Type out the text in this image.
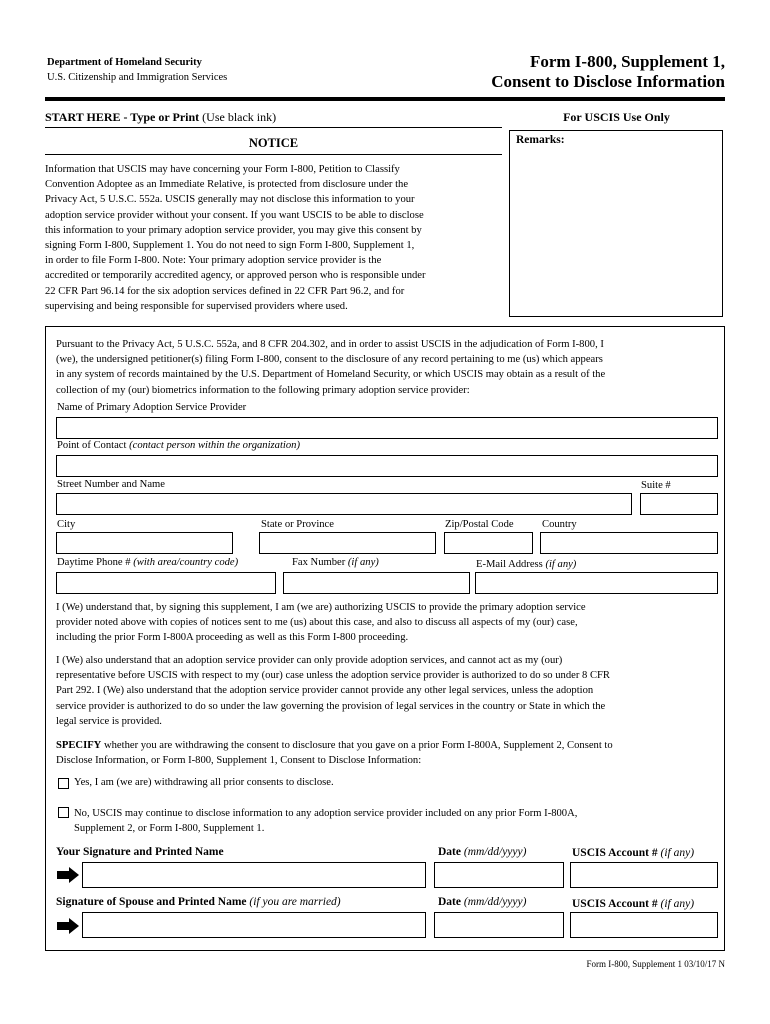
Department of Homeland Security
U.S. Citizenship and Immigration Services
Form I-800, Supplement 1,
Consent to Disclose Information
START HERE - Type or Print (Use black ink)	For USCIS Use Only
NOTICE
Information that USCIS may have concerning your Form I-800, Petition to Classify
Convention Adoptee as an Immediate Relative, is protected from disclosure under the
Privacy Act, 5 U.S.C. 552a. USCIS generally may not disclose this information to your
adoption service provider without your consent. If you want USCIS to be able to disclose
this information to your primary adoption service provider, you may give this consent by
signing Form I-800, Supplement 1. You do not need to sign Form I-800, Supplement 1,
in order to file Form I-800. Note: Your primary adoption service provider is the
accredited or temporarily accredited agency, or approved person who is responsible under
22 CFR Part 96.14 for the six adoption services defined in 22 CFR Part 96.2, and for
supervising and being responsible for supervised providers where used.
Remarks:
Pursuant to the Privacy Act, 5 U.S.C. 552a, and 8 CFR 204.302, and in order to assist USCIS in the adjudication of Form I-800, I
(we), the undersigned petitioner(s) filing Form I-800, consent to the disclosure of any record pertaining to me (us) which appears
in any system of records maintained by the U.S. Department of Homeland Security, or which USCIS may obtain as a result of the
collection of my (our) biometrics information to the following primary adoption service provider:
Name of Primary Adoption Service Provider
Point of Contact (contact person within the organization)
Street Number and Name	Suite #
City	State or Province	Zip/Postal Code	Country
Daytime Phone # (with area/country code)	Fax Number (if any)	E-Mail Address (if any)
I (We) understand that, by signing this supplement, I am (we are) authorizing USCIS to provide the primary adoption service
provider noted above with copies of notices sent to me (us) about this case, and also to discuss all aspects of my (our) case,
including the prior Form I-800A proceeding as well as this Form I-800 proceeding.
I (We) also understand that an adoption service provider can only provide adoption services, and cannot act as my (our)
representative before USCIS with respect to my (our) case unless the adoption service provider is authorized to do so under 8 CFR
Part 292. I (We) also understand that the adoption service provider cannot provide any other legal services, unless the adoption
service provider is authorized to do so under the law governing the provision of legal services in the country or State in which the
legal service is provided.
SPECIFY whether you are withdrawing the consent to disclosure that you gave on a prior Form I-800A, Supplement 2, Consent to
Disclose Information, or Form I-800, Supplement 1, Consent to Disclose Information:
Yes, I am (we are) withdrawing all prior consents to disclose.
No, USCIS may continue to disclose information to any adoption service provider included on any prior Form I-800A,
Supplement 2, or Form I-800, Supplement 1.
Your Signature and Printed Name	Date (mm/dd/yyyy)	USCIS Account # (if any)
Signature of Spouse and Printed Name (if you are married)	Date (mm/dd/yyyy)	USCIS Account # (if any)
Form I-800, Supplement 1 03/10/17 N
